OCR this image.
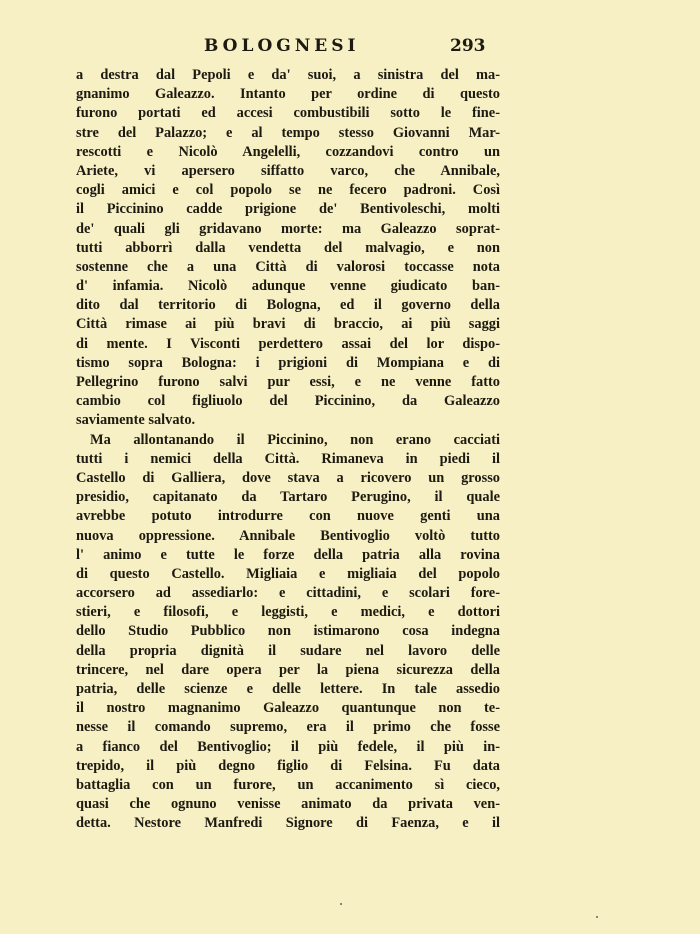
BOLOGNESI	293
a destra dal Pepoli e da' suoi, a sinistra del ma-
gnanimo Galeazzo. Intanto per ordine di questo
furono portati ed accesi combustibili sotto le fine-
stre del Palazzo; e al tempo stesso Giovanni Mar-
rescotti e Nicolò Angelelli, cozzandovi contro un
Ariete, vi apersero siffatto varco, che Annibale,
cogli amici e col popolo se ne fecero padroni. Così
il Piccinino cadde prigione de' Bentivoleschi, molti
de' quali gli gridavano morte: ma Galeazzo soprat-
tutti abborrì dalla vendetta del malvagio, e non
sostenne che a una Città di valorosi toccasse nota
d' infamia. Nicolò adunque venne giudicato ban-
dito dal territorio di Bologna, ed il governo della
Città rimase ai più bravi di braccio, ai più saggi
di mente. I Visconti perdettero assai del lor dispo-
tismo sopra Bologna: i prigioni di Mompiana e di
Pellegrino furono salvi pur essi, e ne venne fatto
cambio col figliuolo del Piccinino, da Galeazzo
saviamente salvato.
Ma allontanando il Piccinino, non erano cacciati
tutti i nemici della Città. Rimaneva in piedi il
Castello di Galliera, dove stava a ricovero un grosso
presidio, capitanato da Tartaro Perugino, il quale
avrebbe potuto introdurre con nuove genti una
nuova oppressione. Annibale Bentivoglio voltò tutto
l' animo e tutte le forze della patria alla rovina
di questo Castello. Migliaia e migliaia del popolo
accorsero ad assediarlo: e cittadini, e scolari fore-
stieri, e filosofi, e leggisti, e medici, e dottori
dello Studio Pubblico non istimarono cosa indegna
della propria dignità il sudare nel lavoro delle
trincere, nel dare opera per la piena sicurezza della
patria, delle scienze e delle lettere. In tale assedio
il nostro magnanimo Galeazzo quantunque non te-
nesse il comando supremo, era il primo che fosse
a fianco del Bentivoglio; il più fedele, il più in-
trepido, il più degno figlio di Felsina. Fu data
battaglia con un furore, un accanimento sì cieco,
quasi che ognuno venisse animato da privata ven-
detta. Nestore Manfredi Signore di Faenza, e il
